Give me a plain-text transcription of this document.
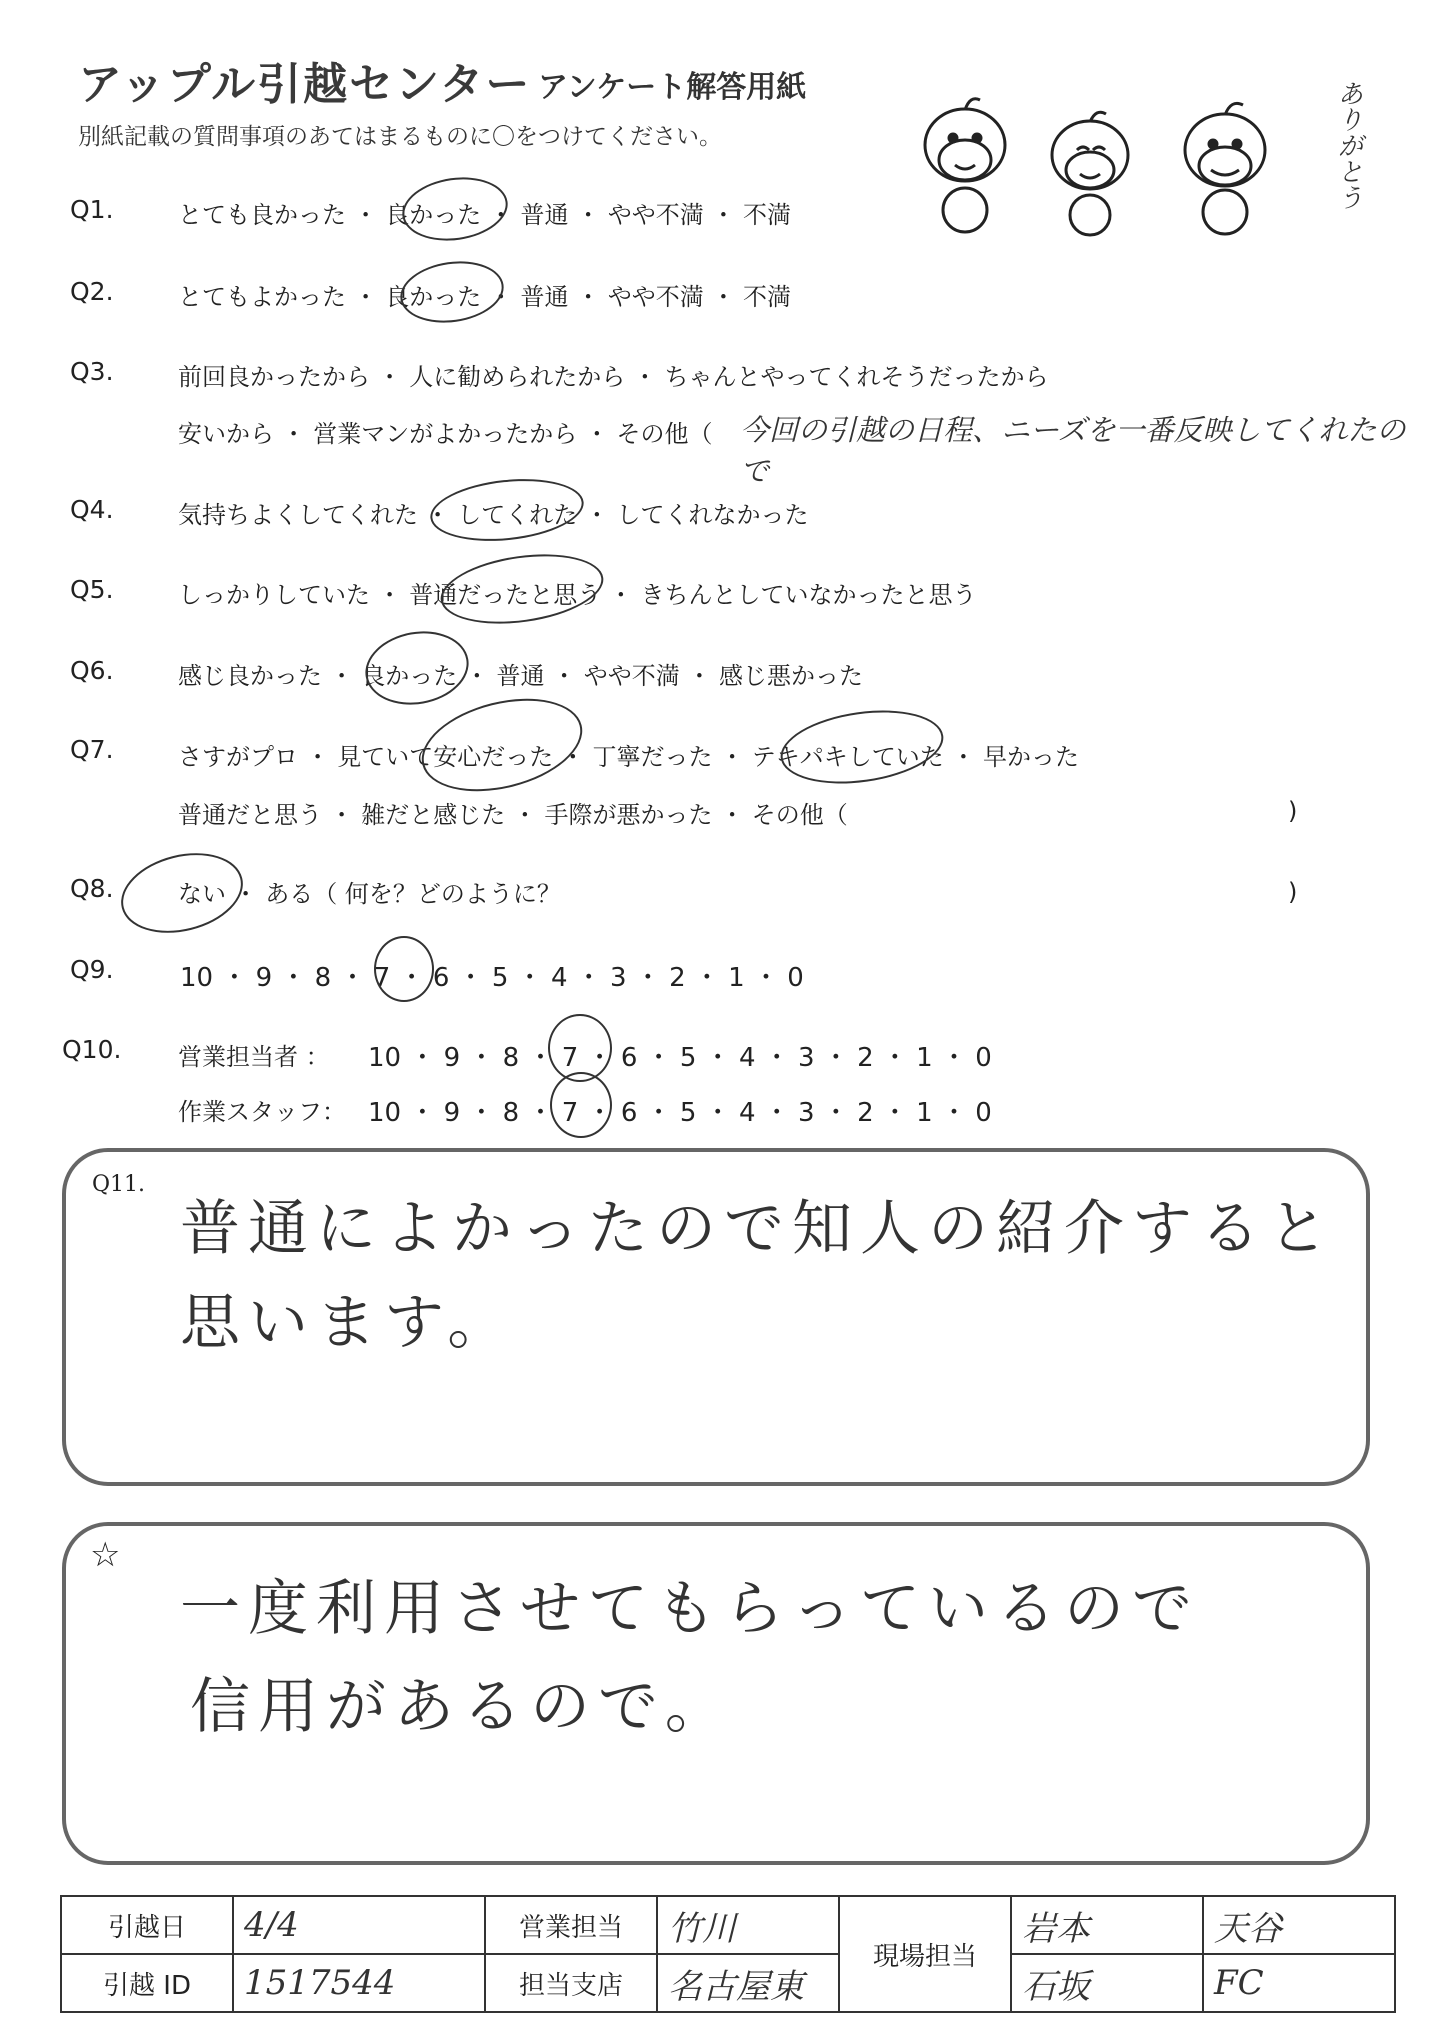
アップル引越センター アンケート解答用紙
別紙記載の質問事項のあてはまるものに〇をつけてください。	ありがとう
Q1.	とても良かった ・ 良かった ・ 普通 ・ やや不満 ・ 不満
Q2.	とてもよかった ・ 良かった ・ 普通 ・ やや不満 ・ 不満
Q3.	前回良かったから ・ 人に勧められたから ・ ちゃんとやってくれそうだったから
安いから ・ 営業マンがよかったから ・ その他（ 今回の引越の日程、ニーズを一番反映してくれたので
Q4.	気持ちよくしてくれた ・ してくれた ・ してくれなかった
Q5.	しっかりしていた ・ 普通だったと思う ・ きちんとしていなかったと思う
Q6.	感じ良かった ・ 良かった ・ 普通 ・ やや不満 ・ 感じ悪かった
Q7.	さすがプロ ・ 見ていて安心だった ・ 丁寧だった ・ テキパキしていた ・ 早かった
普通だと思う ・ 雑だと感じた ・ 手際が悪かった ・ その他（	)
Q8.	ない ・ ある（ 何を？どのように？	)
Q9.	10 ・ 9 ・ 8 ・ 7 ・ 6 ・ 5 ・ 4 ・ 3 ・ 2 ・ 1 ・ 0
Q10. 営業担当者 ： 10 ・ 9 ・ 8 ・ 7 ・ 6 ・ 5 ・ 4 ・ 3 ・ 2 ・ 1 ・ 0
作業スタッフ： 10 ・ 9 ・ 8 ・ 7 ・ 6 ・ 5 ・ 4 ・ 3 ・ 2 ・ 1 ・ 0
Q11.
普通によかったので知人の紹介すると
思います。
☆
一度利用させてもらっているので
信用があるので。
引越日	4/4	営業担当	竹川	現場担当	岩本	天谷
引越 ID	1517544	担当支店	名古屋東		石坂	FC
